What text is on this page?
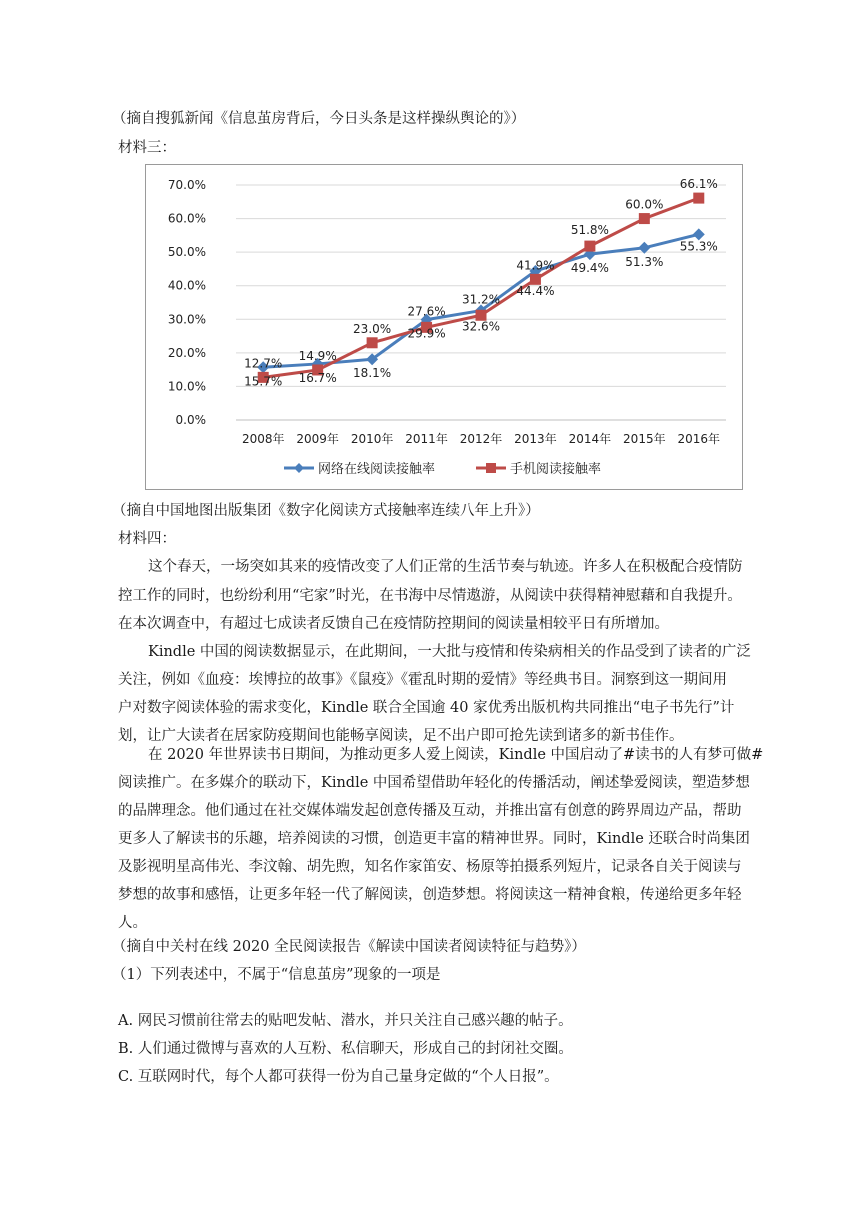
（摘自搜狐新闻《信息茧房背后，今日头条是这样操纵舆论的》）
材料三：
0.0%
10.0%
20.0%
30.0%
40.0%
50.0%
60.0%
70.0%
2008年 2009年 2010年 2011年 2012年 2013年 2014年 2015年 2016年
15.7% 16.7% 18.1%
29.9%
32.6%
44.4%
49.4% 51.3%
55.3%
12.7%
14.9%
23.0%
27.6%
31.2%
41.9%
51.8%
60.0%
66.1%
网络在线阅读接触率	手机阅读接触率
（摘自中国地图出版集团《数字化阅读方式接触率连续八年上升》）
材料四：
这个春天，一场突如其来的疫情改变了人们正常的生活节奏与轨迹。许多人在积极配合疫情防
控工作的同时，也纷纷利用“宅家”时光，在书海中尽情遨游，从阅读中获得精神慰藉和自我提升。
在本次调查中，有超过七成读者反馈自己在疫情防控期间的阅读量相较平日有所增加。
Kindle 中国的阅读数据显示，在此期间，一大批与疫情和传染病相关的作品受到了读者的广泛
关注，例如《血疫：埃博拉的故事》《鼠疫》《霍乱时期的爱情》等经典书目。洞察到这一期间用
户对数字阅读体验的需求变化，Kindle 联合全国逾 40 家优秀出版机构共同推出“电子书先行”计
划，让广大读者在居家防疫期间也能畅享阅读，足不出户即可抢先读到诸多的新书佳作。
在 2020 年世界读书日期间，为推动更多人爱上阅读，Kindle 中国启动了#读书的人有梦可做#
阅读推广。在多媒介的联动下，Kindle 中国希望借助年轻化的传播活动，阐述挚爱阅读，塑造梦想
的品牌理念。他们通过在社交媒体端发起创意传播及互动，并推出富有创意的跨界周边产品，帮助
更多人了解读书的乐趣，培养阅读的习惯，创造更丰富的精神世界。同时，Kindle 还联合时尚集团
及影视明星高伟光、李汶翰、胡先煦，知名作家笛安、杨原等拍摄系列短片，记录各自关于阅读与
梦想的故事和感悟，让更多年轻一代了解阅读，创造梦想。将阅读这一精神食粮，传递给更多年轻
人。
（摘自中关村在线 2020 全民阅读报告《解读中国读者阅读特征与趋势》）
（1）下列表述中，不属于“信息茧房”现象的一项是
A. 网民习惯前往常去的贴吧发帖、潜水，并只关注自己感兴趣的帖子。
B. 人们通过微博与喜欢的人互粉、私信聊天，形成自己的封闭社交圈。
C. 互联网时代，每个人都可获得一份为自己量身定做的“个人日报”。
